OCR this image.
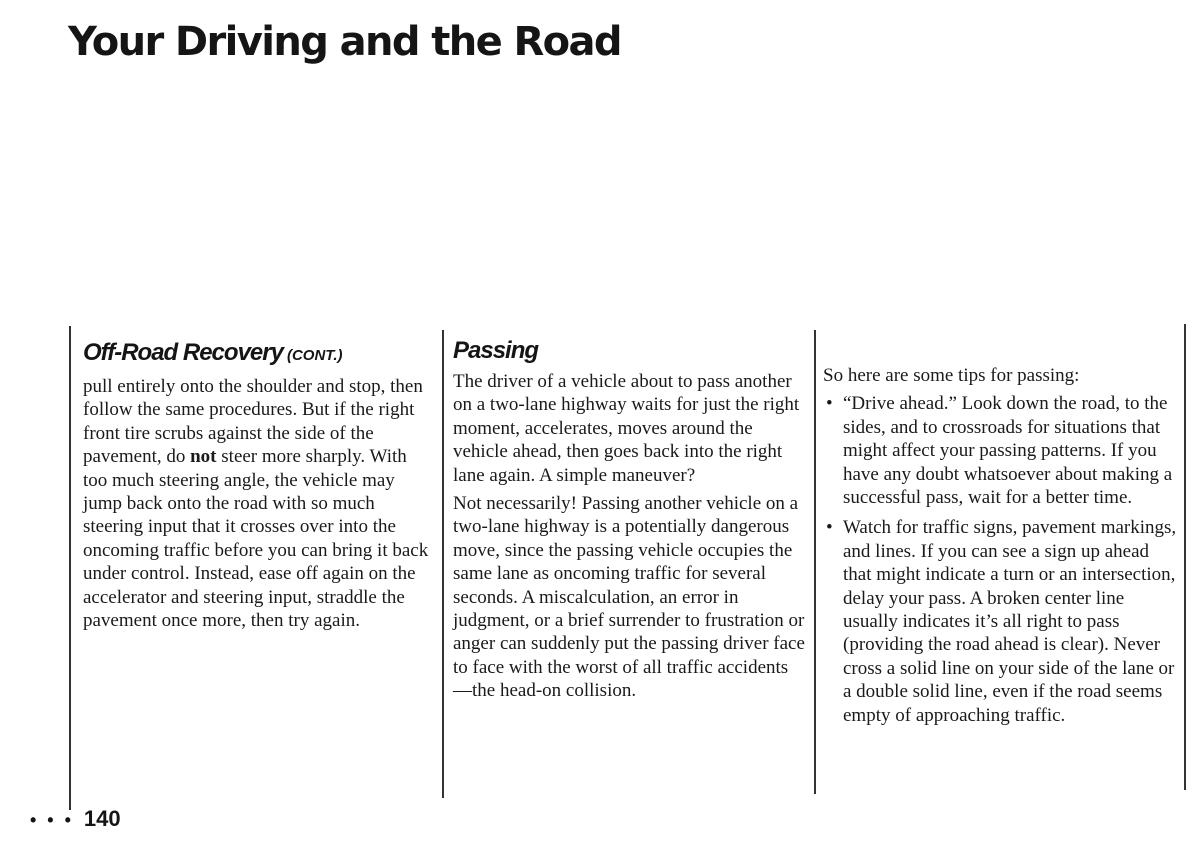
Your Driving and the Road
Off-Road Recovery (CONT.)

pull entirely onto the shoulder and stop, then follow the same procedures. But if the right front tire scrubs against the side of the pavement, do not steer more sharply. With too much steering angle, the vehicle may jump back onto the road with so much steering input that it crosses over into the oncoming traffic before you can bring it back under control. Instead, ease off again on the accelerator and steering input, straddle the pavement once more, then try again.

Passing

The driver of a vehicle about to pass another on a two-lane highway waits for just the right moment, accelerates, moves around the vehicle ahead, then goes back into the right lane again. A simple maneuver?

Not necessarily! Passing another vehicle on a two-lane highway is a potentially dangerous move, since the passing vehicle occupies the same lane as oncoming traffic for several seconds. A miscalculation, an error in judgment, or a brief surrender to frustration or anger can suddenly put the passing driver face to face with the worst of all traffic accidents—the head-on collision.

So here are some tips for passing:

• “Drive ahead.” Look down the road, to the sides, and to crossroads for situations that might affect your passing patterns. If you have any doubt whatsoever about making a successful pass, wait for a better time.
• Watch for traffic signs, pavement markings, and lines. If you can see a sign up ahead that might indicate a turn or an intersection, delay your pass. A broken center line usually indicates it’s all right to pass (providing the road ahead is clear). Never cross a solid line on your side of the lane or a double solid line, even if the road seems empty of approaching traffic.
• • • 140
